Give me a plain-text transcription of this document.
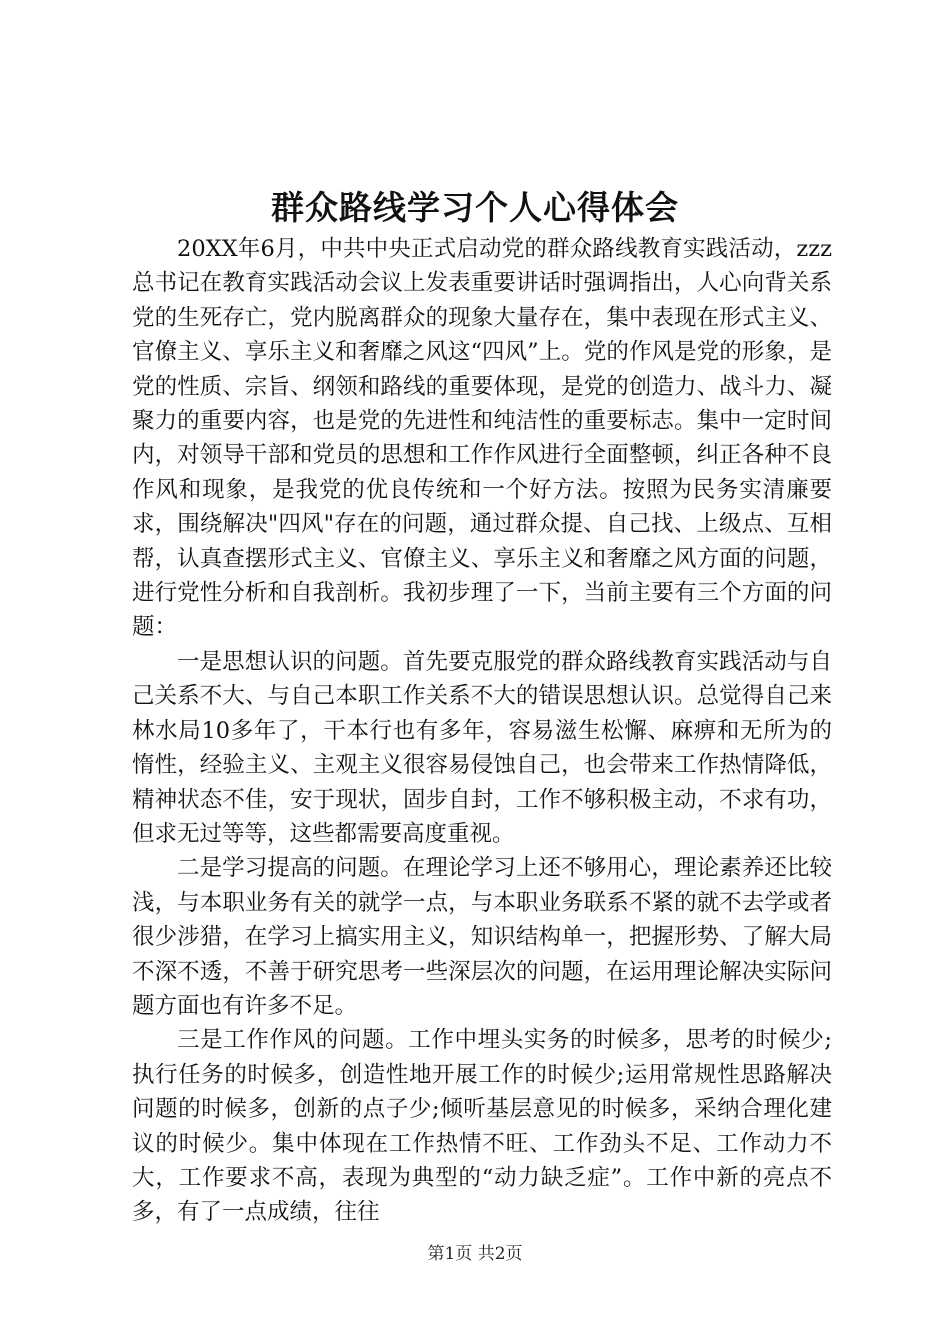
群众路线学习个人心得体会

20XX年6月，中共中央正式启动党的群众路线教育实践活动，zzz总书记在教育实践活动会议上发表重要讲话时强调指出，人心向背关系党的生死存亡，党内脱离群众的现象大量存在，集中表现在形式主义、官僚主义、享乐主义和奢靡之风这“四风”上。党的作风是党的形象，是党的性质、宗旨、纲领和路线的重要体现，是党的创造力、战斗力、凝聚力的重要内容，也是党的先进性和纯洁性的重要标志。集中一定时间内，对领导干部和党员的思想和工作作风进行全面整顿，纠正各种不良作风和现象，是我党的优良传统和一个好方法。按照为民务实清廉要求，围绕解决"四风"存在的问题，通过群众提、自己找、上级点、互相帮，认真查摆形式主义、官僚主义、享乐主义和奢靡之风方面的问题，进行党性分析和自我剖析。我初步理了一下，当前主要有三个方面的问题：

一是思想认识的问题。首先要克服党的群众路线教育实践活动与自己关系不大、与自己本职工作关系不大的错误思想认识。总觉得自己来林水局10多年了，干本行也有多年，容易滋生松懈、麻痹和无所为的惰性，经验主义、主观主义很容易侵蚀自己，也会带来工作热情降低，精神状态不佳，安于现状，固步自封，工作不够积极主动，不求有功，但求无过等等，这些都需要高度重视。

二是学习提高的问题。在理论学习上还不够用心，理论素养还比较浅，与本职业务有关的就学一点，与本职业务联系不紧的就不去学或者很少涉猎，在学习上搞实用主义，知识结构单一，把握形势、了解大局不深不透，不善于研究思考一些深层次的问题，在运用理论解决实际问题方面也有许多不足。

三是工作作风的问题。工作中埋头实务的时候多，思考的时候少;执行任务的时候多，创造性地开展工作的时候少;运用常规性思路解决问题的时候多，创新的点子少;倾听基层意见的时候多，采纳合理化建议的时候少。集中体现在工作热情不旺、工作劲头不足、工作动力不大，工作要求不高，表现为典型的“动力缺乏症”。工作中新的亮点不多，有了一点成绩，往往

第1页 共2页
